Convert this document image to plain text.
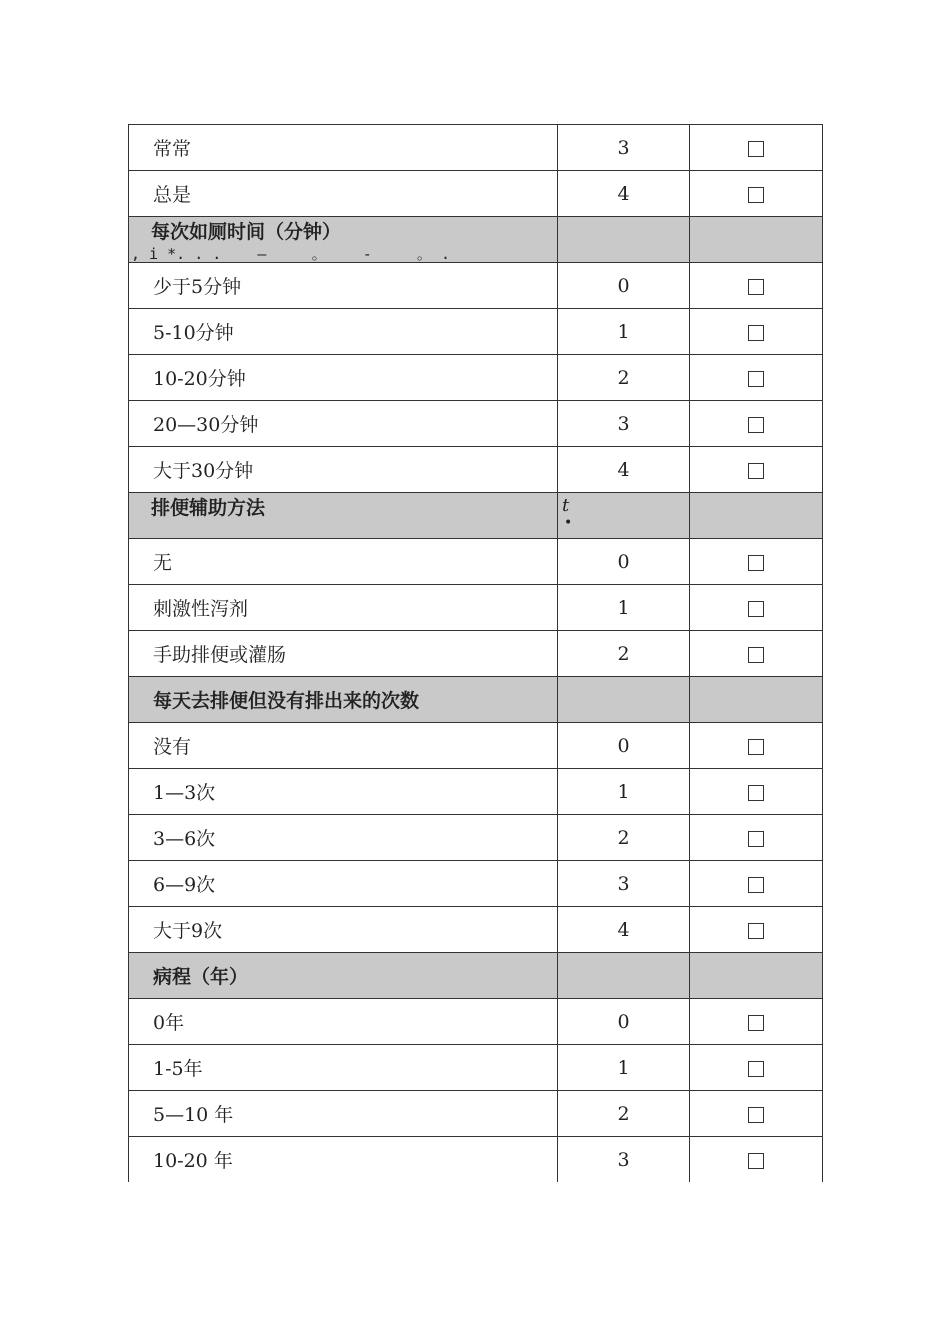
常常	3	
总是	4	

每次如厕时间（分钟）
, i *. . .    —     。    -     。 .		

少于5分钟	0	
5-10分钟	1	
10-20分钟	2	
20—30分钟	3	
大于30分钟	4	

排便辅助方法	t
•	

无	0	
刺激性泻剂	1	
手助排便或灌肠	2	
每天去排便但没有排出来的次数		
没有	0	
1—3次	1	
3—6次	2	
6—9次	3	
大于9次	4	
病程（年）		
0年	0	
1-5年	1	
5—10 年	2	
10-20 年	3	
